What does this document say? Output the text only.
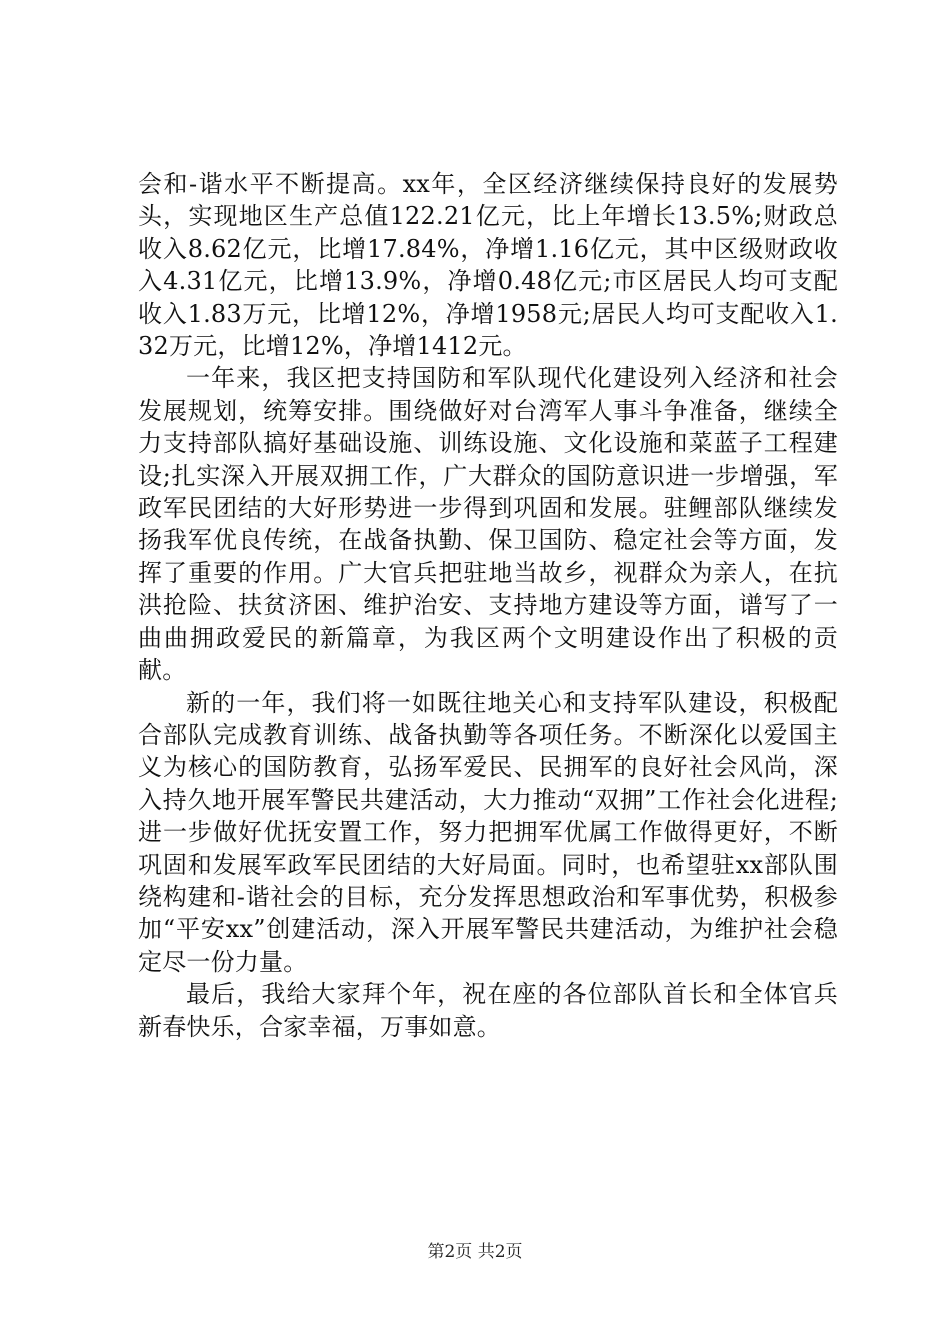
会和-谐水平不断提高。xx年，全区经济继续保持良好的发展势头，实现地区生产总值122.21亿元，比上年增长13.5%;财政总收入8.62亿元，比增17.84%，净增1.16亿元，其中区级财政收入4.31亿元，比增13.9%，净增0.48亿元;市区居民人均可支配收入1.83万元，比增12%，净增1958元;居民人均可支配收入1.32万元，比增12%，净增1412元。

一年来，我区把支持国防和军队现代化建设列入经济和社会发展规划，统筹安排。围绕做好对台湾军人事斗争准备，继续全力支持部队搞好基础设施、训练设施、文化设施和菜蓝子工程建设;扎实深入开展双拥工作，广大群众的国防意识进一步增强，军政军民团结的大好形势进一步得到巩固和发展。驻鲤部队继续发扬我军优良传统，在战备执勤、保卫国防、稳定社会等方面，发挥了重要的作用。广大官兵把驻地当故乡，视群众为亲人，在抗洪抢险、扶贫济困、维护治安、支持地方建设等方面，谱写了一曲曲拥政爱民的新篇章，为我区两个文明建设作出了积极的贡献。

新的一年，我们将一如既往地关心和支持军队建设，积极配合部队完成教育训练、战备执勤等各项任务。不断深化以爱国主义为核心的国防教育，弘扬军爱民、民拥军的良好社会风尚，深入持久地开展军警民共建活动，大力推动“双拥”工作社会化进程;进一步做好优抚安置工作，努力把拥军优属工作做得更好，不断巩固和发展军政军民团结的大好局面。同时，也希望驻xx部队围绕构建和-谐社会的目标，充分发挥思想政治和军事优势，积极参加“平安xx”创建活动，深入开展军警民共建活动，为维护社会稳定尽一份力量。

最后，我给大家拜个年，祝在座的各位部队首长和全体官兵新春快乐，合家幸福，万事如意。

第2页 共2页
